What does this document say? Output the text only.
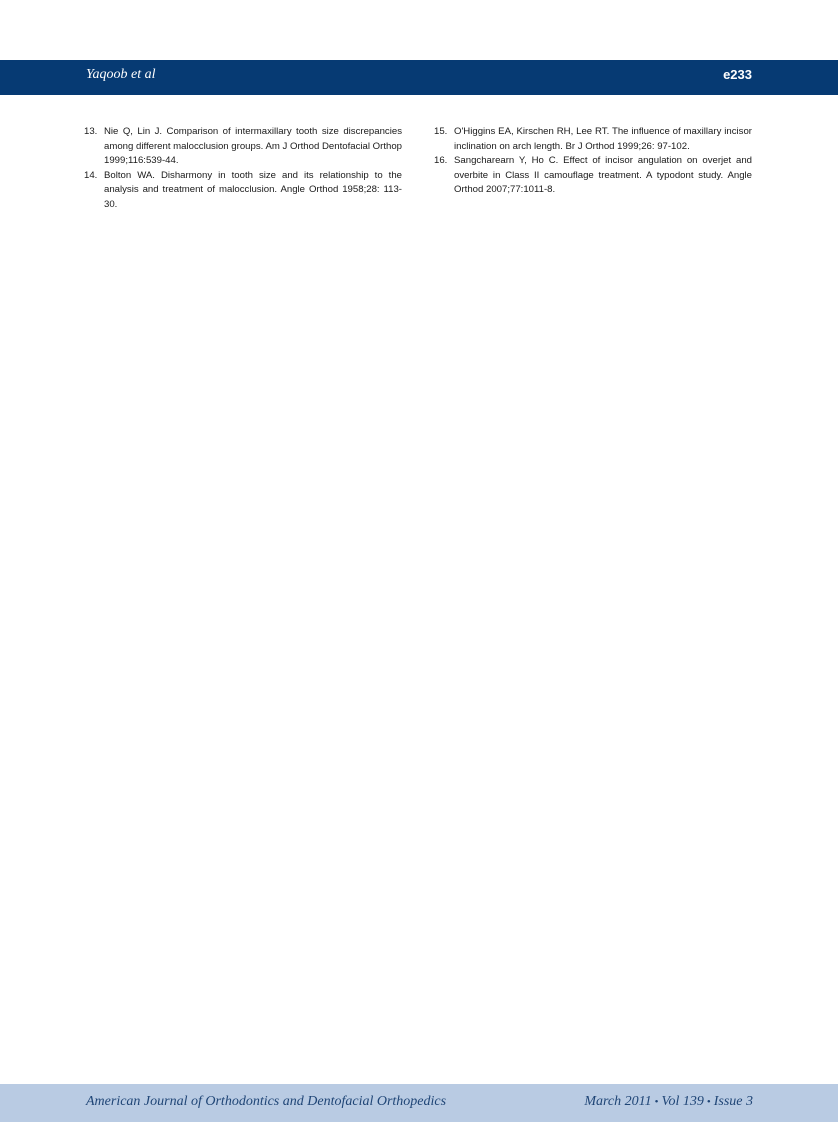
Yaqoob et al	e233

13. Nie Q, Lin J. Comparison of intermaxillary tooth size discrepancies among different malocclusion groups. Am J Orthod Dentofacial Orthop 1999;116:539-44.

14. Bolton WA. Disharmony in tooth size and its relationship to the analysis and treatment of malocclusion. Angle Orthod 1958;28: 113-30.

15. O'Higgins EA, Kirschen RH, Lee RT. The influence of maxillary incisor inclination on arch length. Br J Orthod 1999;26: 97-102.

16. Sangcharearn Y, Ho C. Effect of incisor angulation on overjet and overbite in Class II camouflage treatment. A typodont study. Angle Orthod 2007;77:1011-8.

American Journal of Orthodontics and Dentofacial Orthopedics	March 2011 • Vol 139 • Issue 3
